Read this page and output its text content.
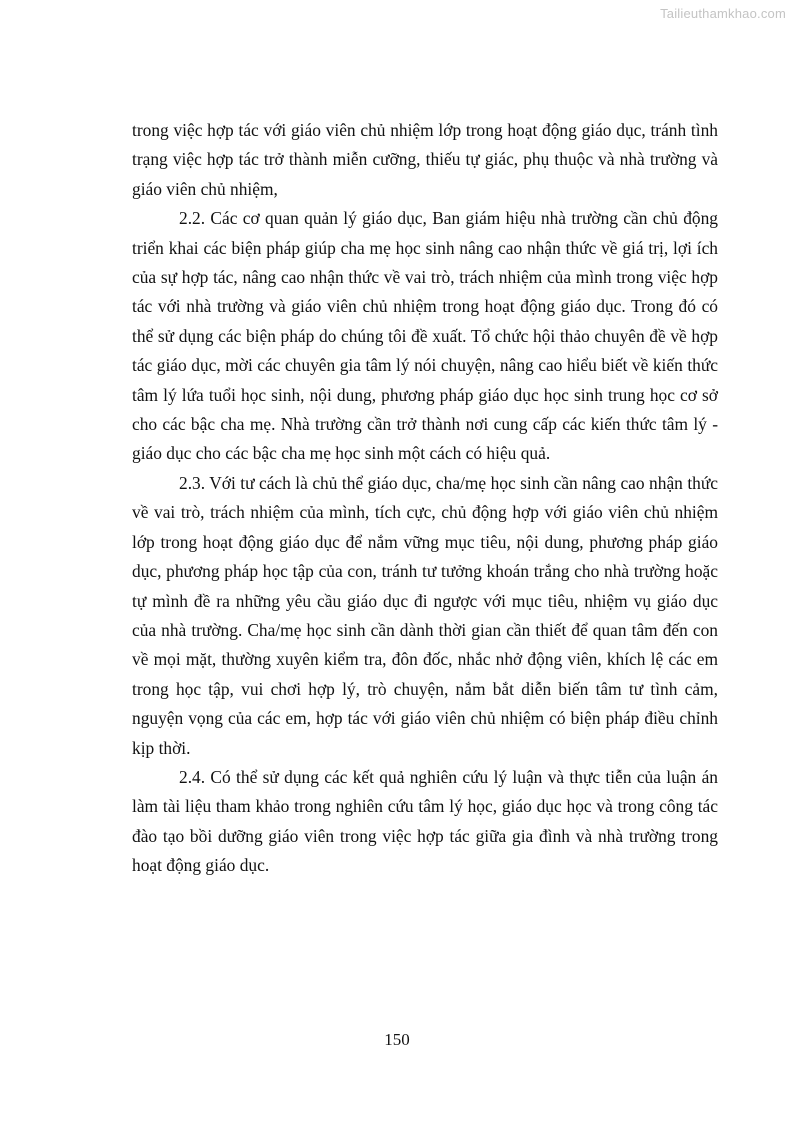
Tailieuthamkhao.com

trong việc hợp tác với giáo viên chủ nhiệm lớp trong hoạt động giáo dục, tránh tình trạng việc hợp tác trở thành miễn cưỡng, thiếu tự giác, phụ thuộc và nhà trường và giáo viên chủ nhiệm,

2.2. Các cơ quan quản lý giáo dục, Ban giám hiệu nhà trường cần chủ động triển khai các biện pháp giúp cha mẹ học sinh nâng cao nhận thức về giá trị, lợi ích của sự hợp tác, nâng cao nhận thức về vai trò, trách nhiệm của mình trong việc hợp tác với nhà trường và giáo viên chủ nhiệm trong hoạt động giáo dục. Trong đó có thể sử dụng các biện pháp do chúng tôi đề xuất. Tổ chức hội thảo chuyên đề về hợp tác giáo dục, mời các chuyên gia tâm lý nói chuyện, nâng cao hiểu biết về kiến thức tâm lý lứa tuổi học sinh, nội dung, phương pháp giáo dục học sinh trung học cơ sở cho các bậc cha mẹ. Nhà trường cần trở thành nơi cung cấp các kiến thức tâm lý - giáo dục cho các bậc cha mẹ học sinh một cách có hiệu quả.

2.3. Với tư cách là chủ thể giáo dục, cha/mẹ học sinh cần nâng cao nhận thức về vai trò, trách nhiệm của mình, tích cực, chủ động hợp với giáo viên chủ nhiệm lớp trong hoạt động giáo dục để nắm vững mục tiêu, nội dung, phương pháp giáo dục, phương pháp học tập của con, tránh tư tưởng khoán trắng cho nhà trường hoặc tự mình đề ra những yêu cầu giáo dục đi ngược với mục tiêu, nhiệm vụ giáo dục của nhà trường. Cha/mẹ học sinh cần dành thời gian cần thiết để quan tâm đến con về mọi mặt, thường xuyên kiểm tra, đôn đốc, nhắc nhở động viên, khích lệ các em trong học tập, vui chơi hợp lý, trò chuyện, nắm bắt diễn biến tâm tư tình cảm, nguyện vọng của các em, hợp tác với giáo viên chủ nhiệm có biện pháp điều chỉnh kịp thời.

2.4. Có thể sử dụng các kết quả nghiên cứu lý luận và thực tiễn của luận án làm tài liệu tham khảo trong nghiên cứu tâm lý học, giáo dục học và trong công tác đào tạo bồi dưỡng giáo viên trong việc hợp tác giữa gia đình và nhà trường trong hoạt động giáo dục.

150
